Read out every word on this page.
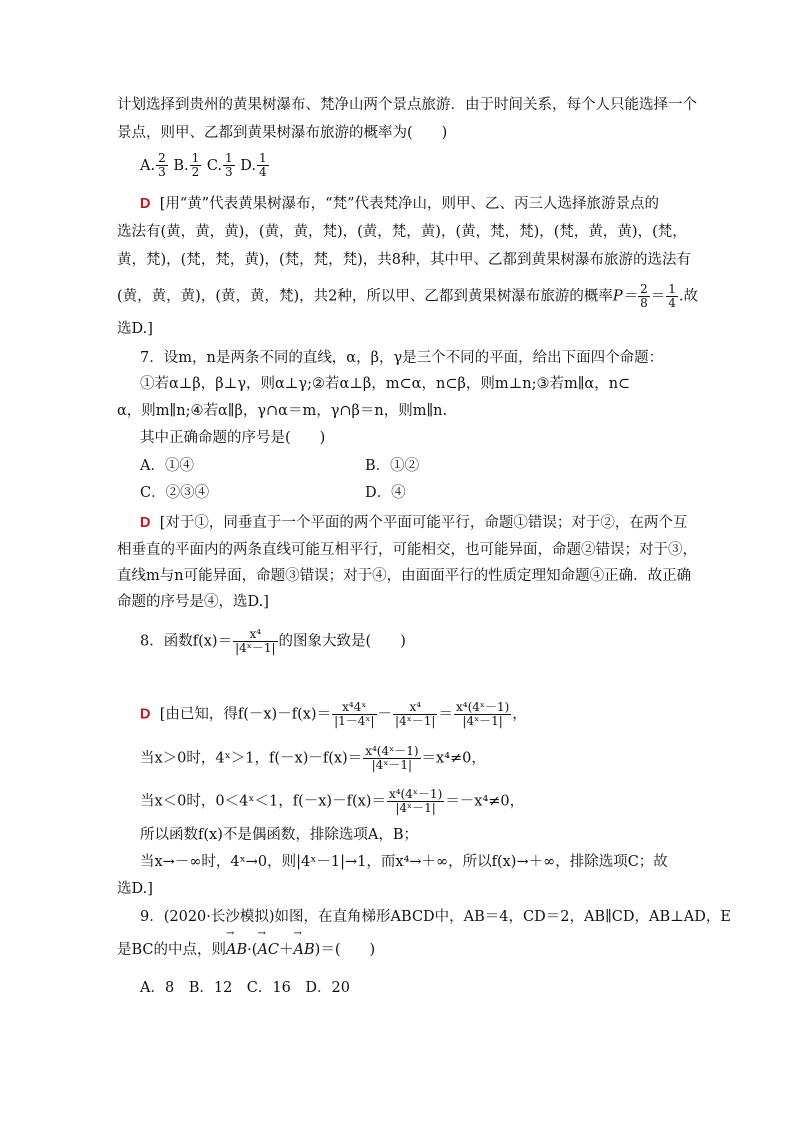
计划选择到贵州的黄果树瀑布、梵净山两个景点旅游．由于时间关系，每个人只能选择一个
景点，则甲、乙都到黄果树瀑布旅游的概率为(　　)
A. $\frac{2}{3} B$. $\frac{1}{2} C$. $\frac{1}{3} D$. $\frac{1}{4}$
D [用“黄”代表黄果树瀑布，“梵”代表梵净山，则甲、乙、丙三人选择旅游景点的
选法有(黄，黄，黄)，(黄，黄，梵)，(黄，梵，黄)，(黄，梵，梵)，(梵，黄，黄)，(梵，
黄，梵)，(梵，梵，黄)，(梵，梵，梵)，共8种，其中甲、乙都到黄果树瀑布旅游的选法有
(黄，黄，黄)，(黄，黄，梵)，共2种，所以甲、乙都到黄果树瀑布旅游的概率$P= \frac{2}{8} = \frac{1}{4}$ .故
选D.]
7．设m，n是两条不同的直线，α，β，γ是三个不同的平面，给出下面四个命题：
①若α⊥β，β⊥γ，则α⊥γ;②若α⊥β，m⊂α，n⊂β，则m⊥n;③若m∥α，n⊂
α，则m∥n;④若α∥β，γ∩α＝m，γ∩β＝n，则m∥n.
其中正确命题的序号是(　　)
A．①④	B．①②
C．②③④	D．④
D [对于①，同垂直于一个平面的两个平面可能平行，命题①错误；对于②，在两个互
相垂直的平面内的两条直线可能互相平行，可能相交，也可能异面，命题②错误；对于③，
直线m与n可能异面，命题③错误；对于④，由面面平行的性质定理知命题④正确．故正确
命题的序号是④，选D.]
8．函数$f(x)= \frac{\text{x⁴}}{\text{|4ˣ－1|}}$ 的图象大致是(　　)
D [由已知，得$f(-x)-f(x)= \frac{\text{x⁴4ˣ}}{\text{|1－4ˣ|}} - \frac{\text{x⁴}}{\text{|4ˣ－1|}} = \frac{\text{x⁴(4ˣ－1)}}{\text{|4ˣ－1|}}$ ，
当x＞0时，4ˣ＞1，$f(-x)-f(x)= \frac{\text{x⁴(4ˣ－1)}}{\text{|4ˣ－1|}} =x^4\ne 0$，
当x＜0时，0＜4ˣ＜1，$f(-x)-f(x)= \frac{\text{x⁴(4ˣ－1)}}{\text{|4ˣ－1|}} =-x^4\ne 0$，
所以函数f(x)不是偶函数，排除选项A，B；
当x→－∞时，4ˣ→0，则|4ˣ－1|→1，而x⁴→＋∞，所以f(x)→＋∞，排除选项C；故
选D.]
9．(2020·长沙模拟)如图，在直角梯形ABCD中，AB＝4，CD＝2，AB∥CD，AB⊥AD，E
是BC的中点，则→ AB·(→ AC＋→ AB)＝(　　)
A．8　B．12　C．16　D．20
